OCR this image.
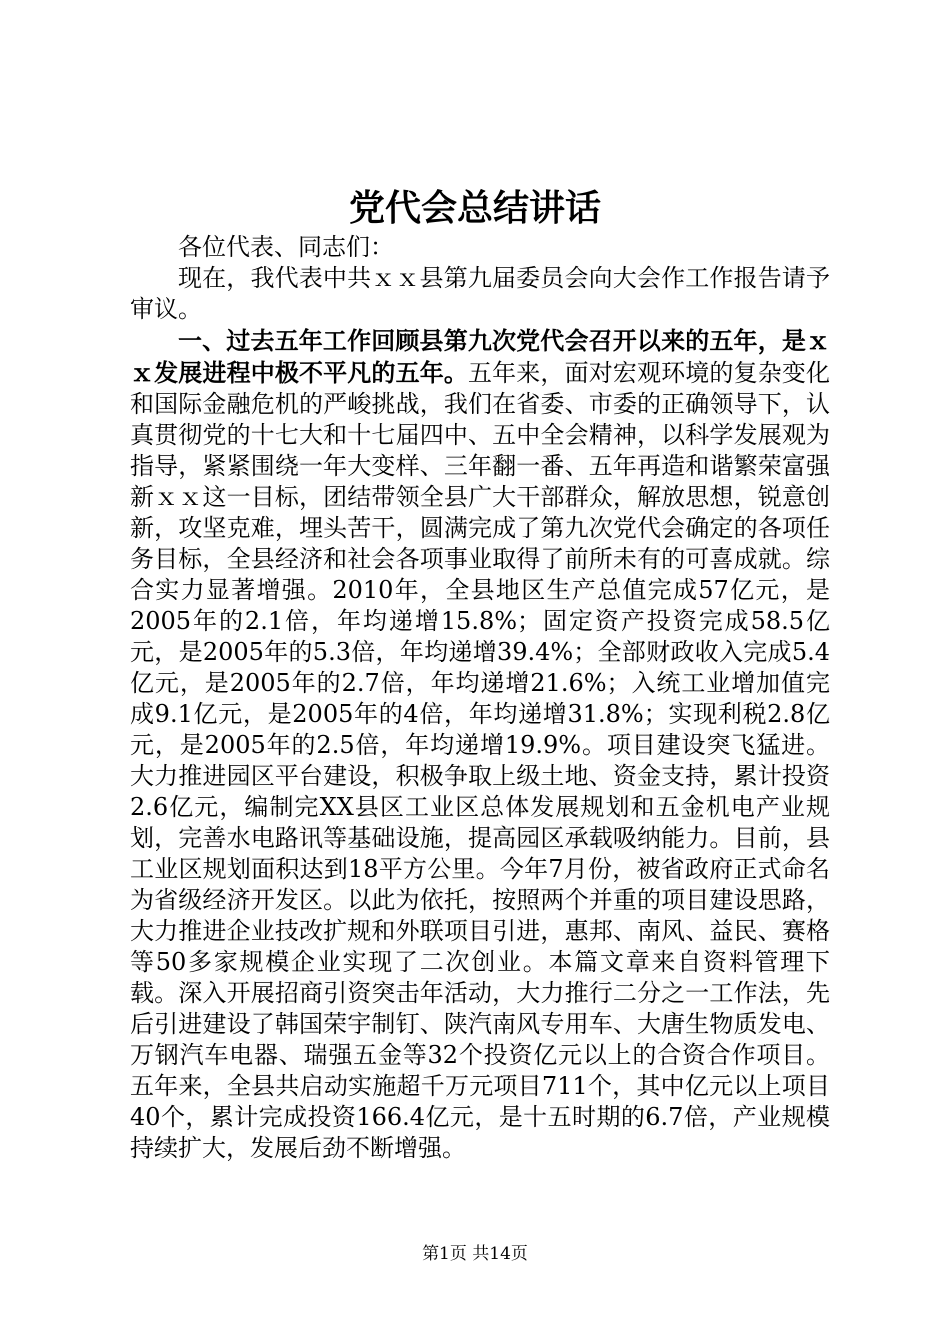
党代会总结讲话

各位代表、同志们：

现在，我代表中共ｘｘ县第九届委员会向大会作工作报告请予审议。

一、过去五年工作回顾县第九次党代会召开以来的五年，是ｘｘ发展进程中极不平凡的五年。五年来，面对宏观环境的复杂变化和国际金融危机的严峻挑战，我们在省委、市委的正确领导下，认真贯彻党的十七大和十七届四中、五中全会精神，以科学发展观为指导，紧紧围绕一年大变样、三年翻一番、五年再造和谐繁荣富强新ｘｘ这一目标，团结带领全县广大干部群众，解放思想，锐意创新，攻坚克难，埋头苦干，圆满完成了第九次党代会确定的各项任务目标，全县经济和社会各项事业取得了前所未有的可喜成就。综合实力显著增强。2010年，全县地区生产总值完成57亿元，是2005年的2.1倍，年均递增15.8%；固定资产投资完成58.5亿元，是2005年的5.3倍，年均递增39.4%；全部财政收入完成5.4亿元，是2005年的2.7倍，年均递增21.6%；入统工业增加值完成9.1亿元，是2005年的4倍，年均递增31.8%；实现利税2.8亿元，是2005年的2.5倍，年均递增19.9%。项目建设突飞猛进。大力推进园区平台建设，积极争取上级土地、资金支持，累计投资2.6亿元，编制完XX县区工业区总体发展规划和五金机电产业规划，完善水电路讯等基础设施，提高园区承载吸纳能力。目前，县工业区规划面积达到18平方公里。今年7月份，被省政府正式命名为省级经济开发区。以此为依托，按照两个并重的项目建设思路，大力推进企业技改扩规和外联项目引进，惠邦、南风、益民、赛格等50多家规模企业实现了二次创业。本篇文章来自资料管理下载。深入开展招商引资突击年活动，大力推行二分之一工作法，先后引进建设了韩国荣宇制钉、陕汽南风专用车、大唐生物质发电、万钢汽车电器、瑞强五金等32个投资亿元以上的合资合作项目。五年来，全县共启动实施超千万元项目711个，其中亿元以上项目40个，累计完成投资166.4亿元，是十五时期的6.7倍，产业规模持续扩大，发展后劲不断增强。

第1页 共14页
